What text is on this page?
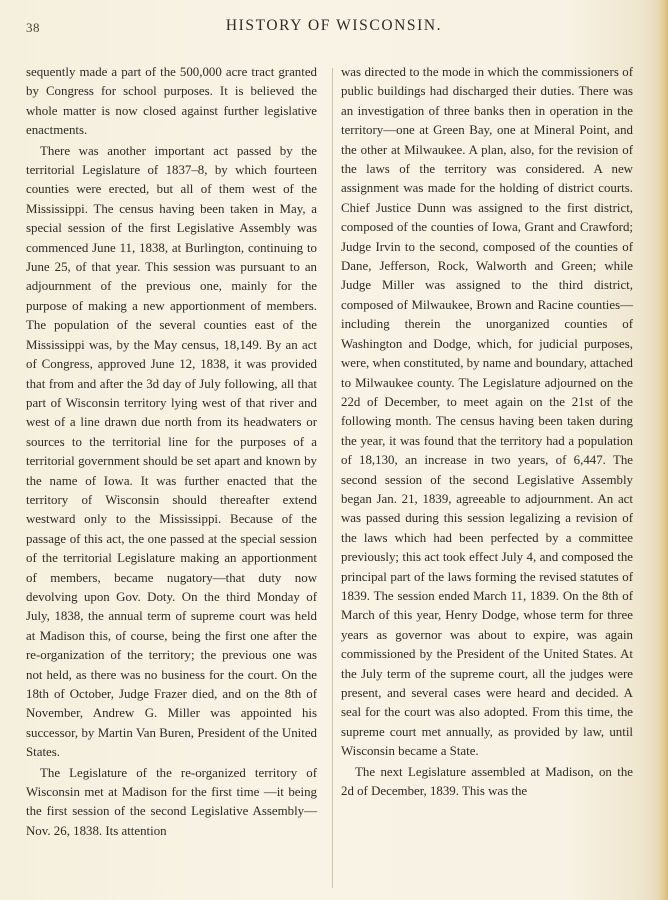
38	HISTORY OF WISCONSIN.

sequently made a part of the 500,000 acre tract granted by Congress for school purposes. It is believed the whole matter is now closed against further legislative enactments.

There was another important act passed by the territorial Legislature of 1837–8, by which fourteen counties were erected, but all of them west of the Mississippi. The census having been taken in May, a special session of the first Legislative Assembly was commenced June 11, 1838, at Burlington, continuing to June 25, of that year. This session was pursuant to an adjournment of the previous one, mainly for the purpose of making a new apportionment of members. The population of the several counties east of the Mississippi was, by the May census, 18,149. By an act of Congress, approved June 12, 1838, it was provided that from and after the 3d day of July following, all that part of Wisconsin territory lying west of that river and west of a line drawn due north from its headwaters or sources to the territorial line for the purposes of a territorial government should be set apart and known by the name of Iowa. It was further enacted that the territory of Wisconsin should thereafter extend westward only to the Mississippi. Because of the passage of this act, the one passed at the special session of the territorial Legislature making an apportionment of members, became nugatory—that duty now devolving upon Gov. Doty. On the third Monday of July, 1838, the annual term of supreme court was held at Madison this, of course, being the first one after the re-organization of the territory; the previous one was not held, as there was no business for the court. On the 18th of October, Judge Frazer died, and on the 8th of November, Andrew G. Miller was appointed his successor, by Martin Van Buren, President of the United States.

The Legislature of the re-organized territory of Wisconsin met at Madison for the first time —it being the first session of the second Legislative Assembly—Nov. 26, 1838. Its attention

was directed to the mode in which the commissioners of public buildings had discharged their duties. There was an investigation of three banks then in operation in the territory—one at Green Bay, one at Mineral Point, and the other at Milwaukee. A plan, also, for the revision of the laws of the territory was considered. A new assignment was made for the holding of district courts. Chief Justice Dunn was assigned to the first district, composed of the counties of Iowa, Grant and Crawford; Judge Irvin to the second, composed of the counties of Dane, Jefferson, Rock, Walworth and Green; while Judge Miller was assigned to the third district, composed of Milwaukee, Brown and Racine counties—including therein the unorganized counties of Washington and Dodge, which, for judicial purposes, were, when constituted, by name and boundary, attached to Milwaukee county. The Legislature adjourned on the 22d of December, to meet again on the 21st of the following month. The census having been taken during the year, it was found that the territory had a population of 18,130, an increase in two years, of 6,447. The second session of the second Legislative Assembly began Jan. 21, 1839, agreeable to adjournment. An act was passed during this session legalizing a revision of the laws which had been perfected by a committee previously; this act took effect July 4, and composed the principal part of the laws forming the revised statutes of 1839. The session ended March 11, 1839. On the 8th of March of this year, Henry Dodge, whose term for three years as governor was about to expire, was again commissioned by the President of the United States. At the July term of the supreme court, all the judges were present, and several cases were heard and decided. A seal for the court was also adopted. From this time, the supreme court met annually, as provided by law, until Wisconsin became a State.

The next Legislature assembled at Madison, on the 2d of December, 1839. This was the
